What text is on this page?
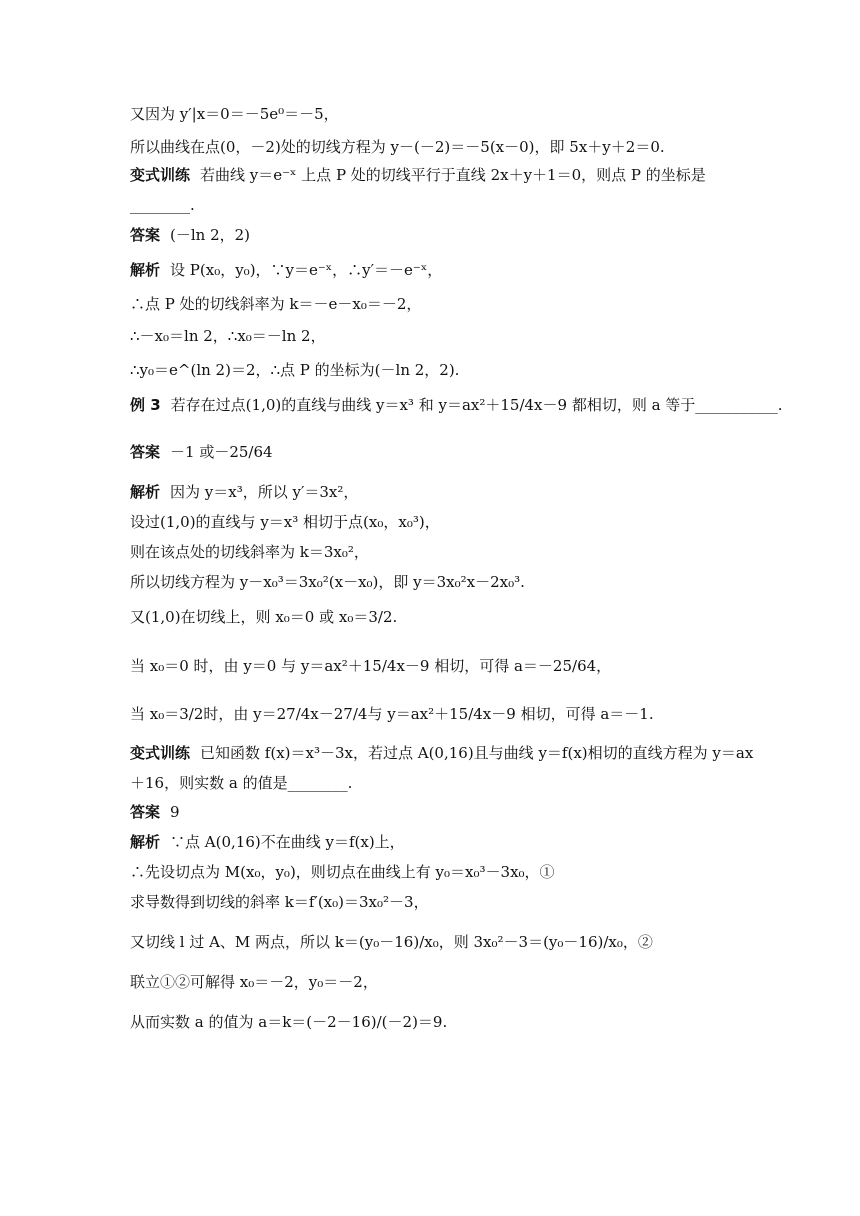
又因为 y′|x＝0＝－5e⁰＝－5，
所以曲线在点(0，－2)处的切线方程为 y－(－2)＝－5(x－0)，即 5x＋y＋2＝0.
变式训练 若曲线 y＝e⁻ˣ 上点 P 处的切线平行于直线 2x＋y＋1＝0，则点 P 的坐标是
________.
答案 (－ln 2，2)
解析 设 P(x₀，y₀)，∵y＝e⁻ˣ，∴y′＝－e⁻ˣ，
∴点 P 处的切线斜率为 k＝－e－x₀＝－2，
∴－x₀＝ln 2，∴x₀＝－ln 2，
∴y₀＝e^(ln 2)＝2，∴点 P 的坐标为(－ln 2，2).
例 3 若存在过点(1,0)的直线与曲线 y＝x³ 和 y＝ax²＋15/4x－9 都相切，则 a 等于___________.
答案 －1 或－25/64
解析 因为 y＝x³，所以 y′＝3x²，
设过(1,0)的直线与 y＝x³ 相切于点(x₀，x₀³)，
则在该点处的切线斜率为 k＝3x₀²，
所以切线方程为 y－x₀³＝3x₀²(x－x₀)，即 y＝3x₀²x－2x₀³.
又(1,0)在切线上，则 x₀＝0 或 x₀＝3/2.
当 x₀＝0 时，由 y＝0 与 y＝ax²＋15/4x－9 相切，可得 a＝－25/64，
当 x₀＝3/2时，由 y＝27/4x－27/4与 y＝ax²＋15/4x－9 相切，可得 a＝－1.
变式训练 已知函数 f(x)＝x³－3x，若过点 A(0,16)且与曲线 y＝f(x)相切的直线方程为 y＝ax
＋16，则实数 a 的值是________.
答案 9
解析 ∵点 A(0,16)不在曲线 y＝f(x)上，
∴先设切点为 M(x₀，y₀)，则切点在曲线上有 y₀＝x₀³－3x₀，①
求导数得到切线的斜率 k＝f′(x₀)＝3x₀²－3，
又切线 l 过 A、M 两点，所以 k＝(y₀－16)/x₀，则 3x₀²－3＝(y₀－16)/x₀，②
联立①②可解得 x₀＝－2，y₀＝－2，
从而实数 a 的值为 a＝k＝(－2－16)/(－2)＝9.
